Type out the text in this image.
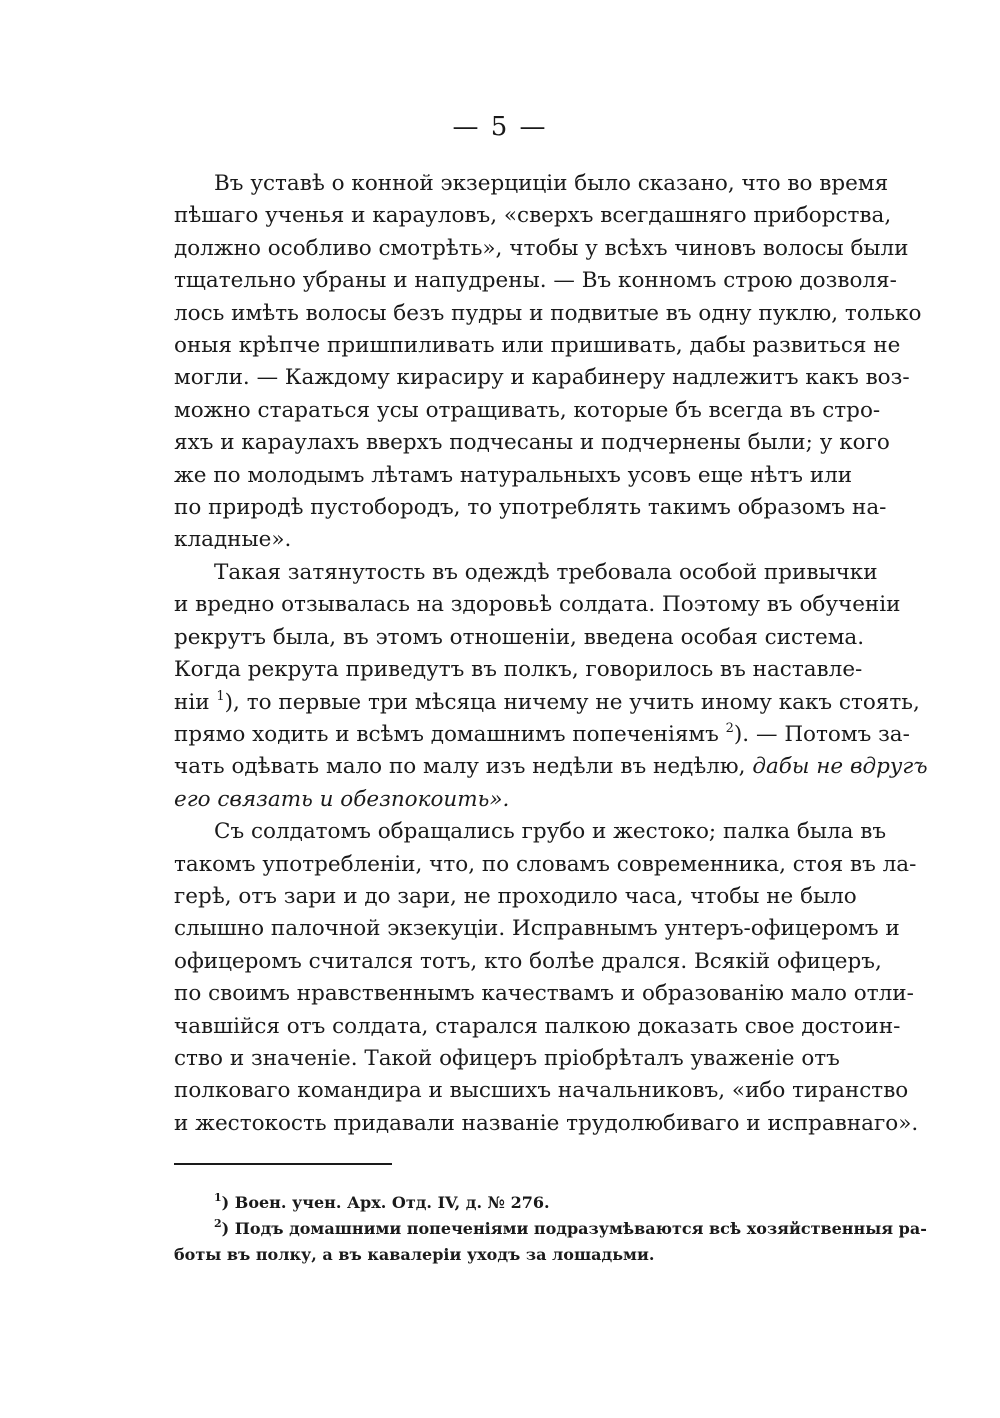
— 5 —
Въ уставѣ о конной экзерциціи было сказано, что во время
пѣшаго ученья и карауловъ, «сверхъ всегдашняго приборства,
должно особливо смотрѣть», чтобы у всѣхъ чиновъ волосы были
тщательно убраны и напудрены. — Въ конномъ строю дозволя-
лось имѣть волосы безъ пудры и подвитые въ одну пуклю, только
оныя крѣпче пришпиливать или пришивать, дабы развиться не
могли. — Каждому кирасиру и карабинеру надлежитъ какъ воз-
можно стараться усы отращивать, которые бъ всегда въ стро-
яхъ и караулахъ вверхъ подчесаны и подчернены были; у кого
же по молодымъ лѣтамъ натуральныхъ усовъ еще нѣтъ или
по природѣ пустобородъ, то употреблять такимъ образомъ на-
кладные».
Такая затянутость въ одеждѣ требовала особой привычки
и вредно отзывалась на здоровьѣ солдата. Поэтому въ обученіи
рекрутъ была, въ этомъ отношеніи, введена особая система.
Когда рекрута приведутъ въ полкъ, говорилось въ наставле-
ніи $^1$), то первые три мѣсяца ничему не учить иному какъ стоять,
прямо ходить и всѣмъ домашнимъ попеченіямъ $^2$). — Потомъ за-
чать одѣвать мало по малу изъ недѣли въ недѣлю, дабы не вдругъ
его связать и обезпокоить».
Съ солдатомъ обращались грубо и жестоко; палка была въ
такомъ употребленіи, что, по словамъ современника, стоя въ ла-
герѣ, отъ зари и до зари, не проходило часа, чтобы не было
слышно палочной экзекуціи. Исправнымъ унтеръ-офицеромъ и
офицеромъ считался тотъ, кто болѣе дрался. Всякій офицеръ,
по своимъ нравственнымъ качествамъ и образованію мало отли-
чавшійся отъ солдата, старался палкою доказать свое достоин-
ство и значеніе. Такой офицеръ пріобрѣталъ уваженіе отъ
полковаго командира и высшихъ начальниковъ, «ибо тиранство
и жестокость придавали названіе трудолюбиваго и исправнаго».
$^1$) Воен. учен. Арх. Отд. IV, д. № 276.
$^2$) Подъ домашними попеченіями подразумѣваются всѣ хозяйственныя ра-
боты въ полку, а въ кавалеріи уходъ за лошадьми.
